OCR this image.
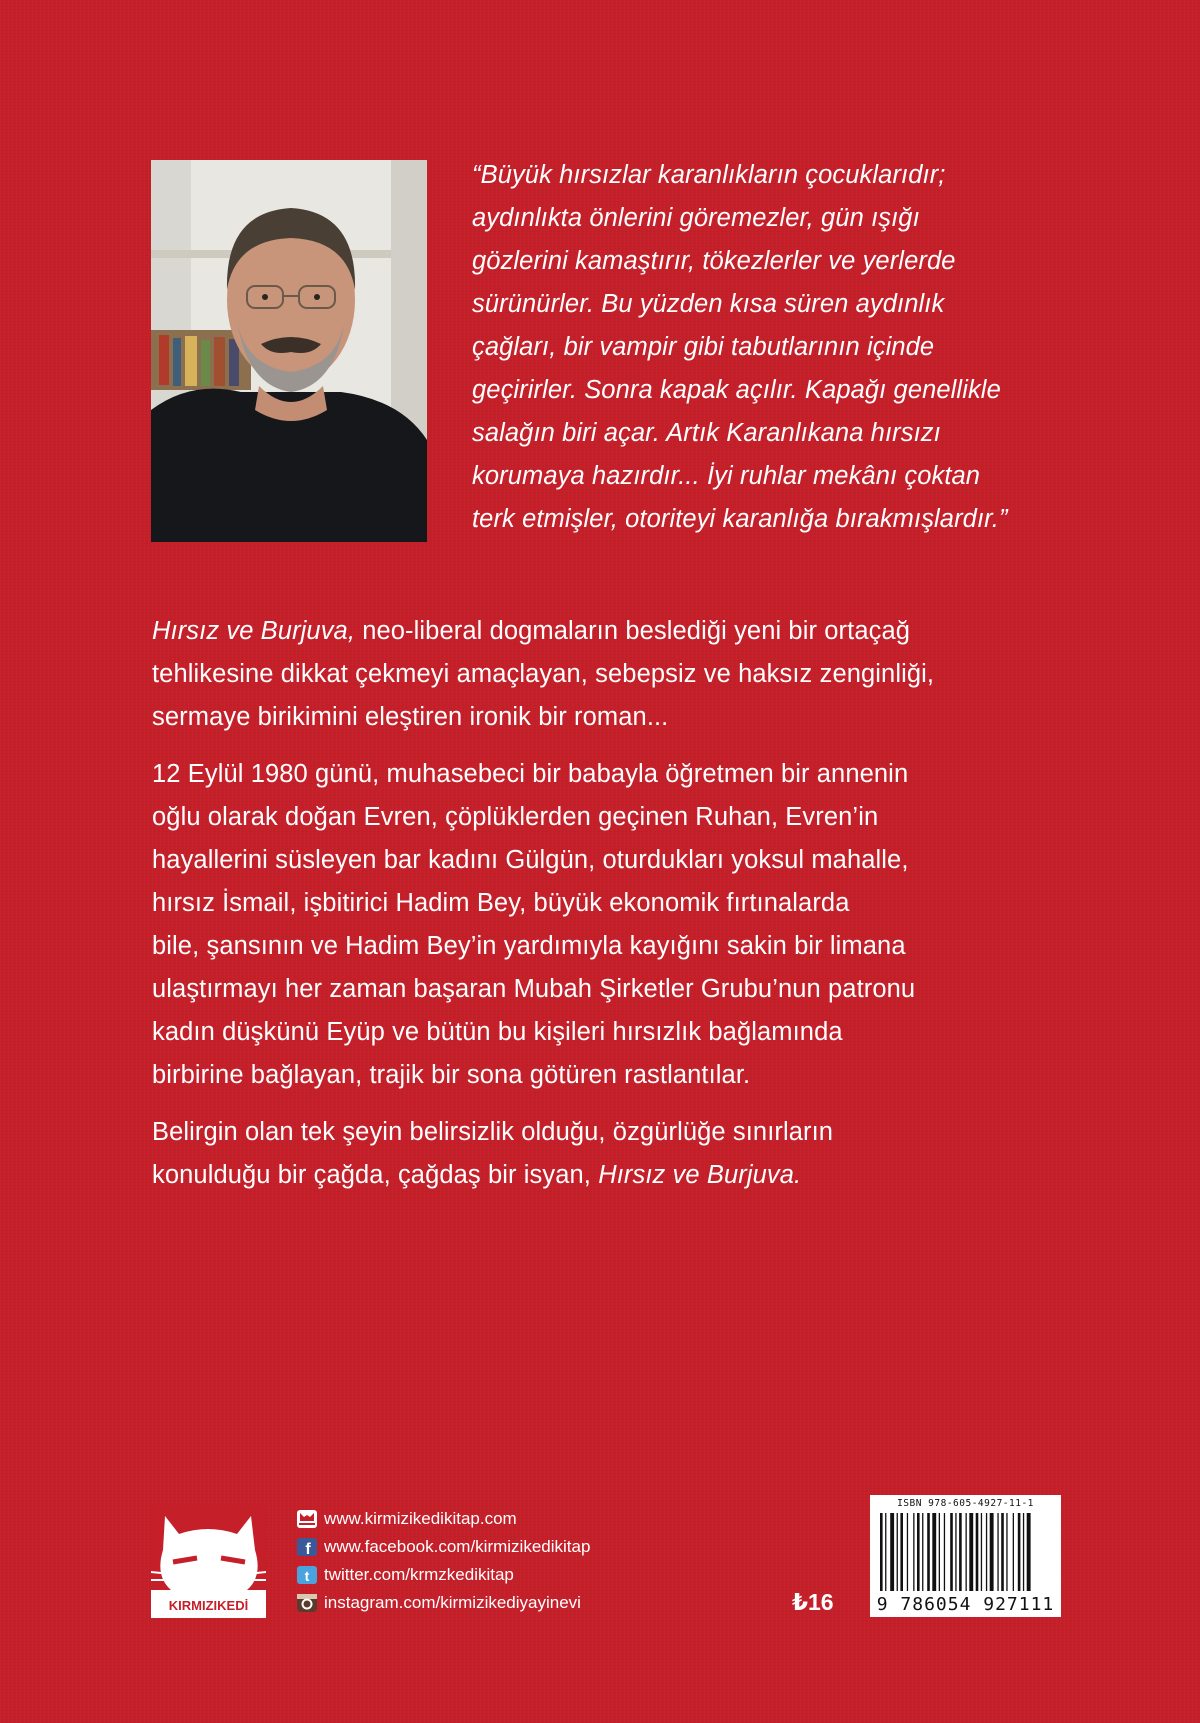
“Büyük hırsızlar karanlıkların çocuklarıdır;
aydınlıkta önlerini göremezler, gün ışığı
gözlerini kamaştırır, tökezlerler ve yerlerde
sürünürler. Bu yüzden kısa süren aydınlık
çağları, bir vampir gibi tabutlarının içinde
geçirirler. Sonra kapak açılır. Kapağı genellikle
salağın biri açar. Artık Karanlıkana hırsızı
korumaya hazırdır... İyi ruhlar mekânı çoktan
terk etmişler, otoriteyi karanlığa bırakmışlardır.”

Hırsız ve Burjuva, neo-liberal dogmaların beslediği yeni bir ortaçağ
tehlikesine dikkat çekmeyi amaçlayan, sebepsiz ve haksız zenginliği,
sermaye birikimini eleştiren ironik bir roman...

12 Eylül 1980 günü, muhasebeci bir babayla öğretmen bir annenin
oğlu olarak doğan Evren, çöplüklerden geçinen Ruhan, Evren’in
hayallerini süsleyen bar kadını Gülgün, oturdukları yoksul mahalle,
hırsız İsmail, işbitirici Hadim Bey, büyük ekonomik fırtınalarda
bile, şansının ve Hadim Bey’in yardımıyla kayığını sakin bir limana
ulaştırmayı her zaman başaran Mubah Şirketler Grubu’nun patronu
kadın düşkünü Eyüp ve bütün bu kişileri hırsızlık bağlamında
birbirine bağlayan, trajik bir sona götüren rastlantılar.

Belirgin olan tek şeyin belirsizlik olduğu, özgürlüğe sınırların
konulduğu bir çağda, çağdaş bir isyan, Hırsız ve Burjuva.

KIRMIZIKEDİ
www.kirmizikedikitap.com
f www.facebook.com/kirmizikedikitap
t twitter.com/krmzkedikitap
instagram.com/kirmizikediyayinevi	₺16
ISBN 978-605-4927-11-1
9 786054 927111
